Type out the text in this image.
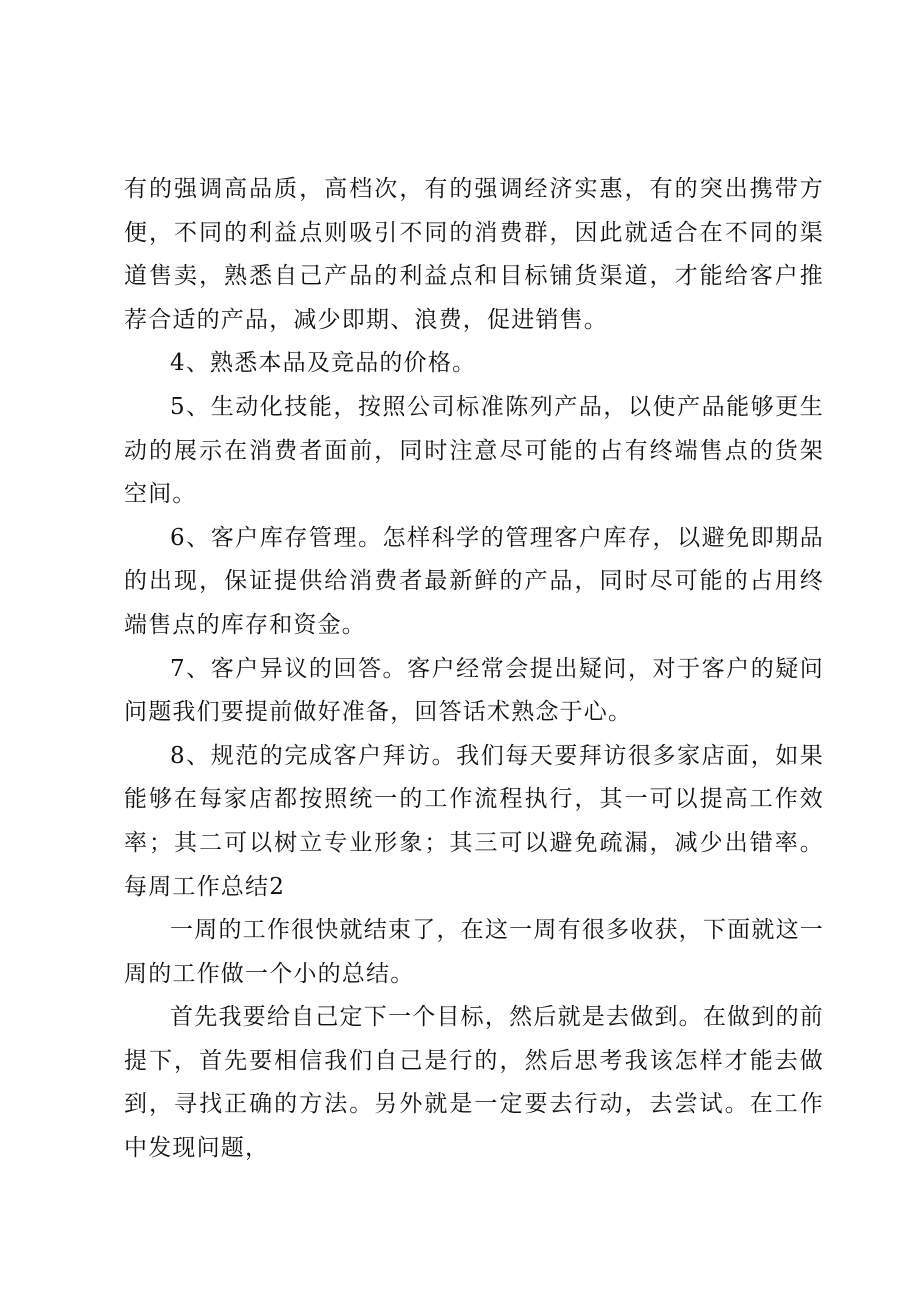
有的强调高品质，高档次，有的强调经济实惠，有的突出携带方便，不同的利益点则吸引不同的消费群，因此就适合在不同的渠道售卖，熟悉自己产品的利益点和目标铺货渠道，才能给客户推荐合适的产品，减少即期、浪费，促进销售。

4、熟悉本品及竞品的价格。

5、生动化技能，按照公司标准陈列产品，以使产品能够更生动的展示在消费者面前，同时注意尽可能的占有终端售点的货架空间。

6、客户库存管理。怎样科学的管理客户库存，以避免即期品的出现，保证提供给消费者最新鲜的产品，同时尽可能的占用终端售点的库存和资金。

7、客户异议的回答。客户经常会提出疑问，对于客户的疑问问题我们要提前做好准备，回答话术熟念于心。

8、规范的完成客户拜访。我们每天要拜访很多家店面，如果能够在每家店都按照统一的工作流程执行，其一可以提高工作效率；其二可以树立专业形象；其三可以避免疏漏，减少出错率。每周工作总结2

一周的工作很快就结束了，在这一周有很多收获，下面就这一周的工作做一个小的总结。

首先我要给自己定下一个目标，然后就是去做到。在做到的前提下，首先要相信我们自己是行的，然后思考我该怎样才能去做到，寻找正确的方法。另外就是一定要去行动，去尝试。在工作中发现问题，
